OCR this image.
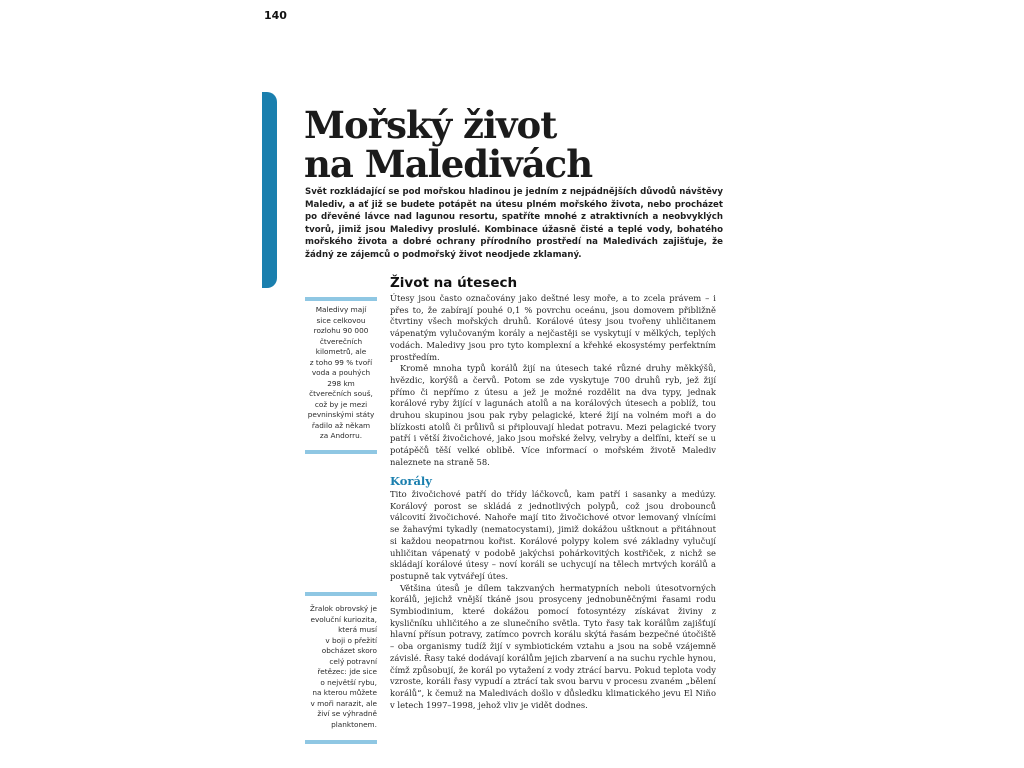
140
Mořský život
na Maledivách

Svět rozkládající se pod mořskou hladinou je jedním z nejpádnějších důvodů návštěvy Malediv, a ať již se budete potápět na útesu plném mořského života, nebo procházet po dřevěné lávce nad lagunou resortu, spatříte mnohé z atraktivních a neobvyklých tvorů, jimiž jsou Maledivy proslulé. Kombinace úžasně čisté a teplé vody, bohatého mořského života a dobré ochrany přírodního prostředí na Maledivách zajišťuje, že žádný ze zájemců o podmořský život neodjede zklamaný.

Život na útesech

Útesy jsou často označovány jako deštné lesy moře, a to zcela právem – i přes to, že zabírají pouhé 0,1 % povrchu oceánu, jsou domovem přibližně čtvrtiny všech mořských druhů. Korálové útesy jsou tvořeny uhličitanem vápenatým vylučovaným korály a nejčastěji se vyskytují v mělkých, teplých vodách. Maledivy jsou pro tyto komplexní a křehké ekosystémy perfektním prostředím.

Kromě mnoha typů korálů žijí na útesech také různé druhy měkkýšů, hvězdic, korýšů a červů. Potom se zde vyskytuje 700 druhů ryb, jež žijí přímo či nepřímo z útesu a jež je možné rozdělit na dva typy, jednak korálové ryby žijící v lagunách atolů a na korálových útesech a poblíž, tou druhou skupinou jsou pak ryby pelagické, které žijí na volném moři a do blízkosti atolů či průlivů si připlouvají hledat potravu. Mezi pelagické tvory patří i větší živočichové, jako jsou mořské želvy, velryby a delfíni, kteří se u potápěčů těší velké oblibě. Více informací o mořském životě Malediv naleznete na straně 58.

Korály

Tito živočichové patří do třídy láčkovců, kam patří i sasanky a medúzy. Korálový porost se skládá z jednotlivých polypů, což jsou drobounců válcovití živočichové. Nahoře mají tito živočichové otvor lemovaný vlnícími se žahavými tykadly (nematocystami), jimiž dokážou uštknout a přitáhnout si každou neopatrnou kořist. Korálové polypy kolem své základny vylučují uhličitan vápenatý v podobě jakýchsi pohárkovitých kostřiček, z nichž se skládají korálové útesy – noví koráli se uchycují na tělech mrtvých korálů a postupně tak vytvářejí útes.

Většina útesů je dílem takzvaných hermatypních neboli útesotvorných korálů, jejichž vnější tkáně jsou prosyceny jednobuněčnými řasami rodu Symbiodinium, které dokážou pomocí fotosyntézy získávat živiny z kysličníku uhličitého a ze slunečního světla. Tyto řasy tak korálům zajišťují hlavní přísun potravy, zatímco povrch korálu skýtá řasám bezpečné útočiště – oba organismy tudíž žijí v symbiotickém vztahu a jsou na sobě vzájemně závislé. Řasy také dodávají korálům jejich zbarvení a na suchu rychle hynou, čímž způsobují, že korál po vytažení z vody ztrácí barvu. Pokud teplota vody vzroste, koráli řasy vypudí a ztrácí tak svou barvu v procesu zvaném „bělení korálů“, k čemuž na Maledivách došlo v důsledku klimatického jevu El Niño v letech 1997–1998, jehož vliv je vidět dodnes.

Maledivy mají
sice celkovou
rozlohu 90 000
čtverečních
kilometrů, ale
z toho 99 % tvoří
voda a pouhých
298 km
čtverečních souš,
což by je mezi
pevninskými státy
řadilo až někam
za Andorru.
Žralok obrovský je
evoluční kuriozita,
která musí
v boji o přežití
obcházet skoro
celý potravní
řetězec: jde sice
o největší rybu,
na kterou můžete
v moři narazit, ale
živí se výhradně
planktonem.
